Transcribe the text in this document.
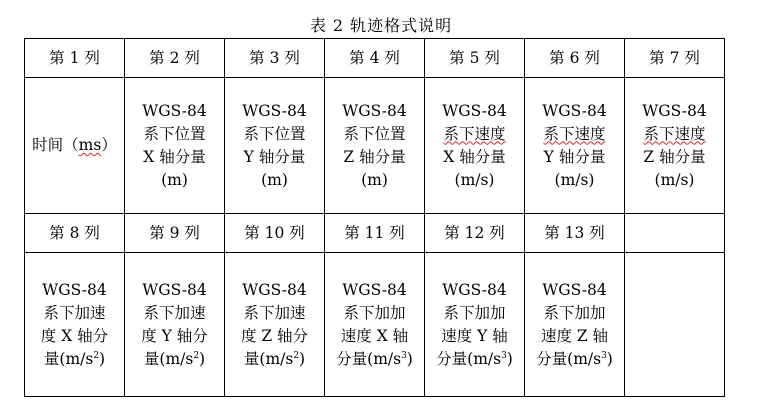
表 2 轨迹格式说明
第 1 列	第 2 列	第 3 列	第 4 列	第 5 列	第 6 列	第 7 列

时间（ms）	WGS-84
系下位置
X 轴分量
(m)	WGS-84
系下位置
Y 轴分量
(m)	WGS-84
系下位置
Z 轴分量
(m)	WGS-84
系下速度
X 轴分量
(m/s)	WGS-84
系下速度
Y 轴分量
(m/s)	WGS-84
系下速度
Z 轴分量
(m/s)

第 8 列	第 9 列	第 10 列	第 11 列	第 12 列	第 13 列	

WGS-84
系下加速
度 X 轴分
量$(m/s^2)$	WGS-84
系下加速
度 Y 轴分
量$(m/s^2)$	WGS-84
系下加速
度 Z 轴分
量$(m/s^2)$	WGS-84
系下加加
速度 X 轴
分量$(m/s^3)$	WGS-84
系下加加
速度 Y 轴
分量$(m/s^3)$	WGS-84
系下加加
速度 Z 轴
分量$(m/s^3)$	
